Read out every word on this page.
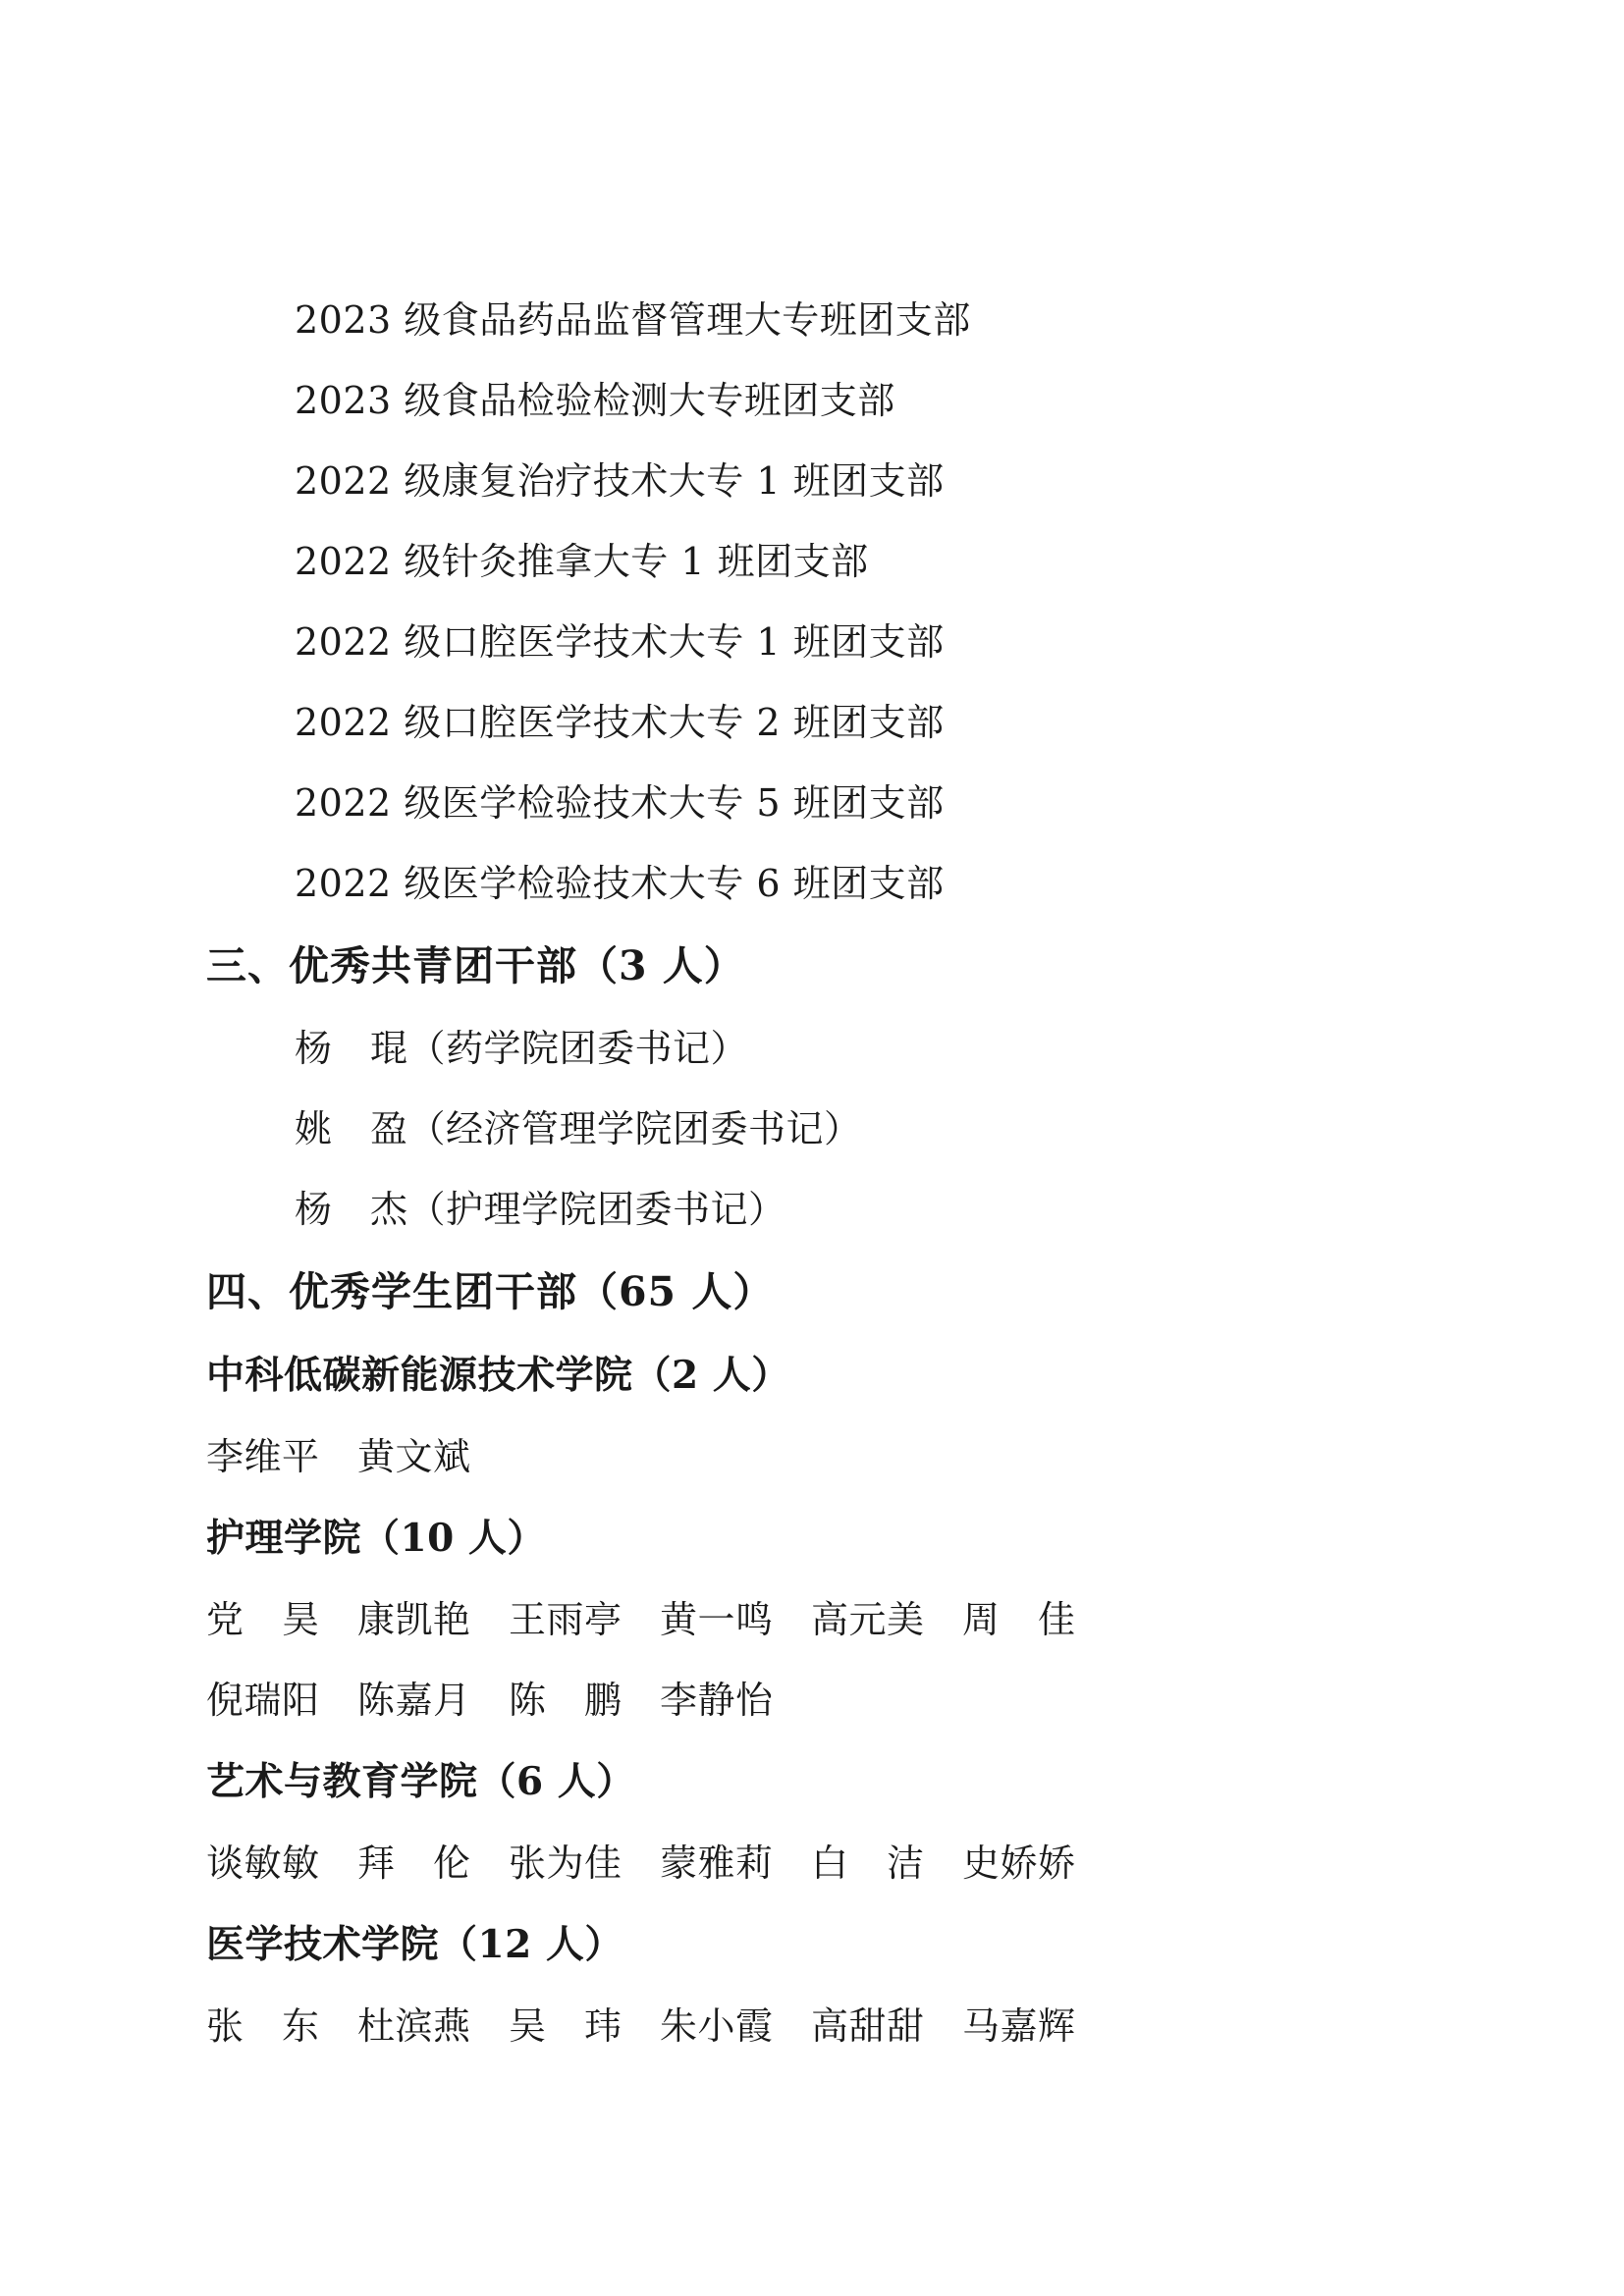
2023 级食品药品监督管理大专班团支部
2023 级食品检验检测大专班团支部
2022 级康复治疗技术大专 1 班团支部
2022 级针灸推拿大专 1 班团支部
2022 级口腔医学技术大专 1 班团支部
2022 级口腔医学技术大专 2 班团支部
2022 级医学检验技术大专 5 班团支部
2022 级医学检验技术大专 6 班团支部
三、优秀共青团干部（3 人）
杨　琨（药学院团委书记）
姚　盈（经济管理学院团委书记）
杨　杰（护理学院团委书记）
四、优秀学生团干部（65 人）
中科低碳新能源技术学院（2 人）
李维平　黄文斌
护理学院（10 人）
党　昊　康凯艳　王雨亭　黄一鸣　高元美　周　佳
倪瑞阳　陈嘉月　陈　鹏　李静怡
艺术与教育学院（6 人）
谈敏敏　拜　伦　张为佳　蒙雅莉　白　洁　史娇娇
医学技术学院（12 人）
张　东　杜滨燕　吴　玮　朱小霞　高甜甜　马嘉辉
